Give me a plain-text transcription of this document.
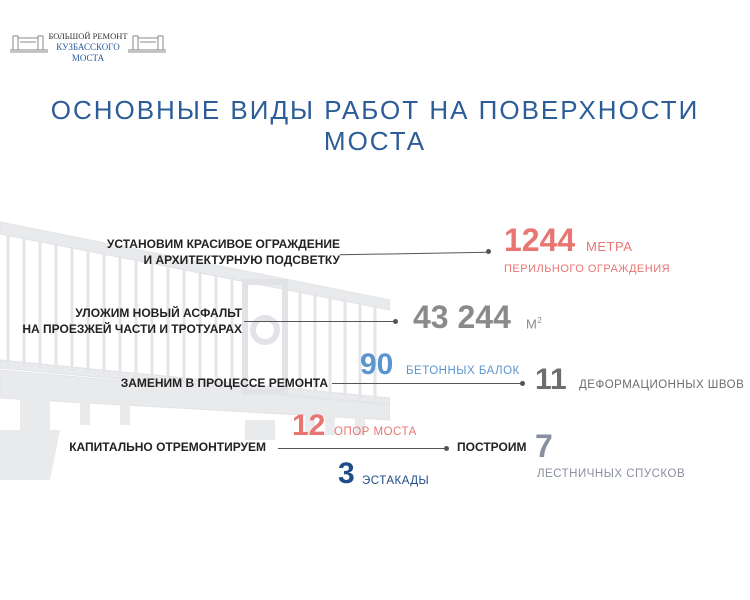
БОЛЬШОЙ РЕМОНТ
КУЗБАССКОГО
МОСТА
ОСНОВНЫЕ ВИДЫ РАБОТ НА ПОВЕРХНОСТИ МОСТА
УСТАНОВИМ КРАСИВОЕ ОГРАЖДЕНИЕ
И АРХИТЕКТУРНУЮ ПОДСВЕТКУ
1244 МЕТРА
ПЕРИЛЬНОГО ОГРАЖДЕНИЯ
УЛОЖИМ НОВЫЙ АСФАЛЬТ
НА ПРОЕЗЖЕЙ ЧАСТИ И ТРОТУАРАХ	43 244 $М^2$
ЗАМЕНИМ В ПРОЦЕССЕ РЕМОНТА
90 БЕТОННЫХ БАЛОК 11 ДЕФОРМАЦИОННЫХ ШВОВ
КАПИТАЛЬНО ОТРЕМОНТИРУЕМ
12 ОПОР МОСТА
3 ЭСТАКАДЫ
ПОСТРОИМ 7
ЛЕСТНИЧНЫХ СПУСКОВ
